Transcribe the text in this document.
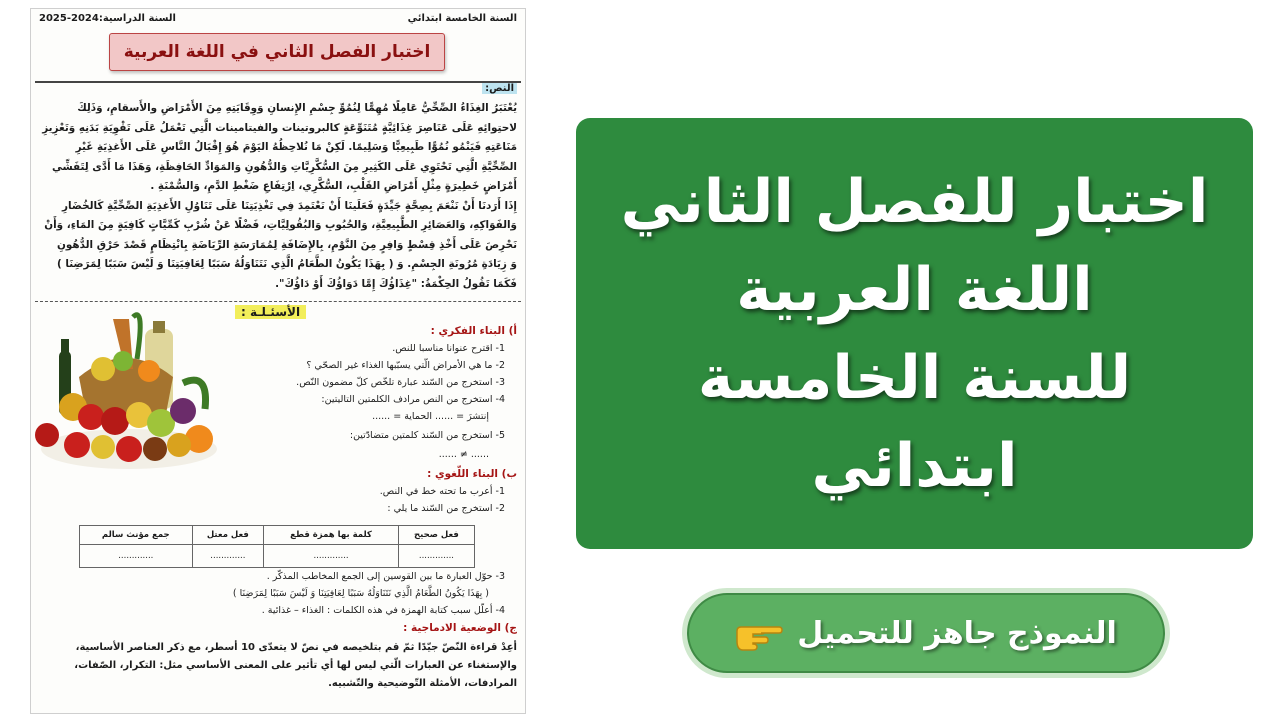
السنة الخامسة ابتدائي
السنة الدراسية:2024-2025
اختبار الفصل الثاني في اللغة العربية
النص:

يُعْتَبَرُ الغِذَاءُ الصِّحِّيُّ عَامِلًا مُهِمًّا لِنُمُوِّ جِسْمِ الإِنسانِ وَوِقَايَتِهِ مِنَ الأَمْرَاضِ والأَسقامِ، وَذَلِكَ

لاحتِوائِهِ عَلَى عَنَاصِرَ غِذَائِيَّةٍ مُتَنَوِّعَةٍ كالبروتينات والفيتامينات الَّتِي تَعْمَلُ عَلَى تَقْوِيَةِ بَدَنِهِ وَتَعْزِيزِ

مَنَاعَتِهِ فَيَنْمُو نُمُوًّا طَبِيعِيًّا وَسَلِيمًا. لَكِنْ مَا نُلاحِظُهُ اليَوْمَ هُوَ إِقْبَالُ النَّاسِ عَلَى الأَغذِيَةِ غَيْرِ

الصِّحِّيَّةِ الَّتِي تَحْتَوِي عَلَى الكَثِيرِ مِنَ السُّكَّرِيَّاتِ وَالدُّهُونِ وَالمَوَادِّ الحَافِظَةِ، وَهَذَا مَا أَدَّى لِتَفَشِّي

أَمْرَاضٍ خَطِيرَةٍ مِثْلِ أَمْرَاضِ القَلْبِ، السُّكَّرِي، اِرْتِفَاعِ ضَغْطِ الدَّمِ، وَالسُّمْنَةِ .

إِذَا أَرَدنَا أَنْ نَنْعَمَ بِصِحَّةٍ جَيِّدَةٍ فَعَلَينَا أَنْ نَعْتَمِدَ فِي تَغْذِيَتِنَا عَلَى تَنَاوُلِ الأَغذِيَةِ الصِّحِّيَّةِ كَالخُضَارِ

وَالفَوَاكِهِ، وَالعَصَائِرِ الطَّبِيعِيَّةِ، وَالحُبُوبِ وَالبُقُولِيَّاتِ، فَضْلًا عَنْ شُرْبِ كَمِّيَّاتٍ كَافِيَةٍ مِنَ المَاءِ، وَأَنْ

نَحْرِصَ عَلَى أَخْذِ قِسْطٍ وَافِرٍ مِنَ النَّوْمِ، بِالإِضَافَةِ لِمُمَارَسَةِ الرِّيَاضَةِ بِانْتِظَامٍ قَصْدَ حَرْقِ الدُّهُونِ

وَ زِيَادَةِ مُرُونَةِ الجِسْمِ. وَ ( بِهَذَا يَكُونُ الطَّعَامُ الَّذِي نَتَنَاوَلُهُ سَبَبًا لِعَافِيَتِنَا وَ لَيْسَ سَبَبًا لِمَرَضِنَا )

فَكَمَا تَقُولُ الحِكْمَةُ: "غِذَاؤُكَ إِمَّا دَوَاؤُكَ أَوْ دَاؤُكَ".

الأسئـلـة :
أ) البناء الفكري :
1- اقترح عنوانا مناسبا للنص.
2- ما هي الأمراض الّتي يسبّبها الغذاء غير الصحّي ؟
3- استخرج من السّند عبارة تلخّص كلّ مضمون النّص.
4- استخرج من النص مرادف الكلمتين التاليتين:
إنتشرَ = ...... الحماية = ......
5- استخرج من السّند كلمتين متضادّتين:
...... ≠ ......
ب) البناء اللّغوي :
1- أعرب ما تحته خط في النص.
2- استخرج من السّند ما يلي :
فعل صحيح	كلمة بها همزة قطع	فعل معتل	جمع مؤنث سالم
.............	.............	.............	.............
3- حوّل العبارة ما بين القوسين إلى الجمع المخاطب المذكّر .
( بِهَذَا يَكُونُ الطَّعَامُ الَّذِي نَتَنَاوَلُهُ سَبَبًا لِعَافِيَتِنَا وَ لَيْسَ سَبَبًا لِمَرَضِنَا )
4- أعلّل سبب كتابة الهمزة في هذه الكلمات : الغذاء – غذائية .
ج) الوضعية الادماجية :

أعِدْ قراءة النّصّ جيّدًا ثمّ قم بتلخيصه في نصّ لا يتعدّى 10 أسطر، مع ذكر العناصر الأساسية،

والإستغناء عن العبارات الّتي ليس لها أي تأثير على المعنى الأساسي مثل: التكرار، الصّفات،

المرادفات، الأمثلة التّوضيحية والتّشبيه.

اختبار للفصل الثاني
اللغة العربية
للسنة الخامسة
ابتدائي
النموذج جاهز للتحميل
